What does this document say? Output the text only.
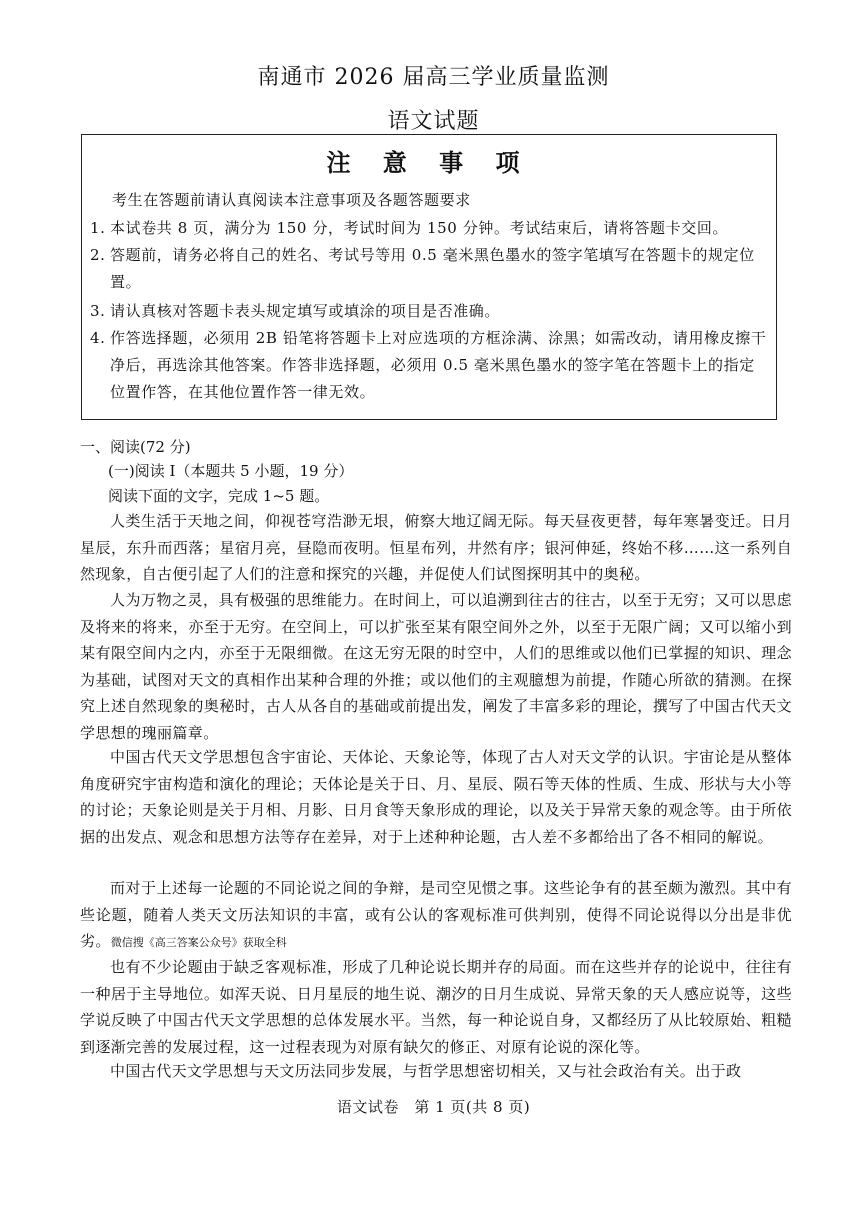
南通市 2026 届高三学业质量监测
语文试题
注 意 事 项
考生在答题前请认真阅读本注意事项及各题答题要求
1. 本试卷共 8 页，满分为 150 分，考试时间为 150 分钟。考试结束后，请将答题卡交回。
2. 答题前，请务必将自己的姓名、考试号等用 0.5 毫米黑色墨水的签字笔填写在答题卡的规定位置。
3. 请认真核对答题卡表头规定填写或填涂的项目是否准确。
4. 作答选择题，必须用 2B 铅笔将答题卡上对应选项的方框涂满、涂黑；如需改动，请用橡皮擦干净后，再选涂其他答案。作答非选择题，必须用 0.5 毫米黑色墨水的签字笔在答题卡上的指定位置作答，在其他位置作答一律无效。
一、阅读(72 分)
(一)阅读 I（本题共 5 小题，19 分）
阅读下面的文字，完成 1~5 题。

人类生活于天地之间，仰视苍穹浩渺无垠，俯察大地辽阔无际。每天昼夜更替，每年寒暑变迁。日月星辰，东升而西落；星宿月亮，昼隐而夜明。恒星布列，井然有序；银河伸延，终始不移……这一系列自然现象，自古便引起了人们的注意和探究的兴趣，并促使人们试图探明其中的奥秘。

人为万物之灵，具有极强的思维能力。在时间上，可以追溯到往古的往古，以至于无穷；又可以思虑及将来的将来，亦至于无穷。在空间上，可以扩张至某有限空间外之外，以至于无限广阔；又可以缩小到某有限空间内之内，亦至于无限细微。在这无穷无限的时空中，人们的思维或以他们已掌握的知识、理念为基础，试图对天文的真相作出某种合理的外推；或以他们的主观臆想为前提，作随心所欲的猜测。在探究上述自然现象的奥秘时，古人从各自的基础或前提出发，阐发了丰富多彩的理论，撰写了中国古代天文学思想的瑰丽篇章。

中国古代天文学思想包含宇宙论、天体论、天象论等，体现了古人对天文学的认识。宇宙论是从整体角度研究宇宙构造和演化的理论；天体论是关于日、月、星辰、陨石等天体的性质、生成、形状与大小等的讨论；天象论则是关于月相、月影、日月食等天象形成的理论，以及关于异常天象的观念等。由于所依据的出发点、观念和思想方法等存在差异，对于上述种种论题，古人差不多都给出了各不相同的解说。

而对于上述每一论题的不同论说之间的争辩，是司空见惯之事。这些论争有的甚至颇为激烈。其中有些论题，随着人类天文历法知识的丰富，或有公认的客观标准可供判别，使得不同论说得以分出是非优劣。微信搜《高三答案公众号》获取全科

也有不少论题由于缺乏客观标准，形成了几种论说长期并存的局面。而在这些并存的论说中，往往有一种居于主导地位。如浑天说、日月星辰的地生说、潮汐的日月生成说、异常天象的天人感应说等，这些学说反映了中国古代天文学思想的总体发展水平。当然，每一种论说自身，又都经历了从比较原始、粗糙到逐渐完善的发展过程，这一过程表现为对原有缺欠的修正、对原有论说的深化等。

中国古代天文学思想与天文历法同步发展，与哲学思想密切相关，又与社会政治有关。出于政

语文试卷　第 1 页(共 8 页)
